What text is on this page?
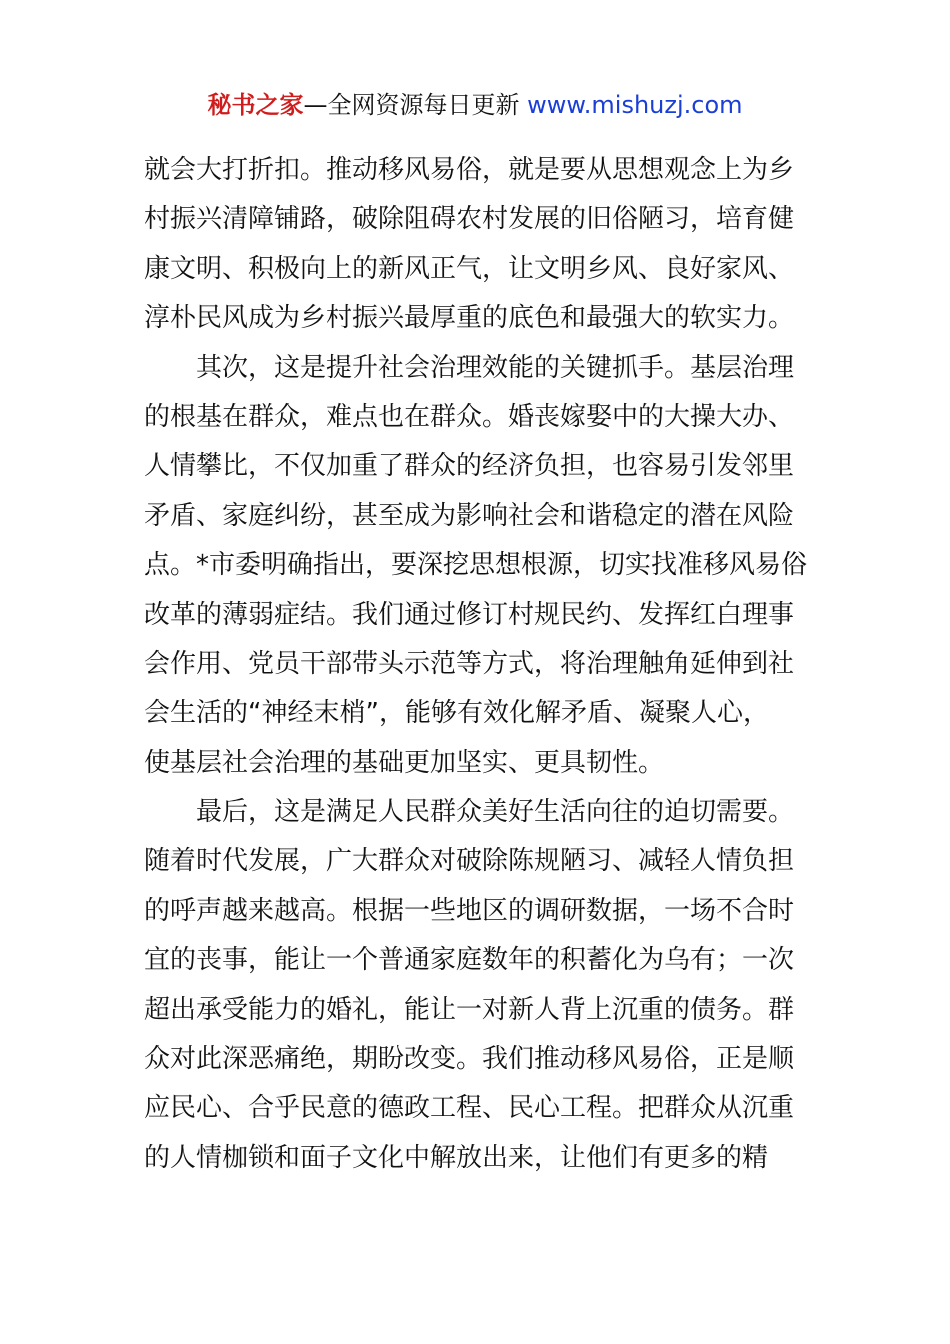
秘书之家—全网资源每日更新 www.mishuzj.com

就会大打折扣。推动移风易俗，就是要从思想观念上为乡

村振兴清障铺路，破除阻碍农村发展的旧俗陋习，培育健

康文明、积极向上的新风正气，让文明乡风、良好家风、

淳朴民风成为乡村振兴最厚重的底色和最强大的软实力。

其次，这是提升社会治理效能的关键抓手。基层治理

的根基在群众，难点也在群众。婚丧嫁娶中的大操大办、

人情攀比，不仅加重了群众的经济负担，也容易引发邻里

矛盾、家庭纠纷，甚至成为影响社会和谐稳定的潜在风险

点。*市委明确指出，要深挖思想根源，切实找准移风易俗

改革的薄弱症结。我们通过修订村规民约、发挥红白理事

会作用、党员干部带头示范等方式，将治理触角延伸到社

会生活的“神经末梢”，能够有效化解矛盾、凝聚人心，

使基层社会治理的基础更加坚实、更具韧性。

最后，这是满足人民群众美好生活向往的迫切需要。

随着时代发展，广大群众对破除陈规陋习、减轻人情负担

的呼声越来越高。根据一些地区的调研数据，一场不合时

宜的丧事，能让一个普通家庭数年的积蓄化为乌有；一次

超出承受能力的婚礼，能让一对新人背上沉重的债务。群

众对此深恶痛绝，期盼改变。我们推动移风易俗，正是顺

应民心、合乎民意的德政工程、民心工程。把群众从沉重

的人情枷锁和面子文化中解放出来，让他们有更多的精
